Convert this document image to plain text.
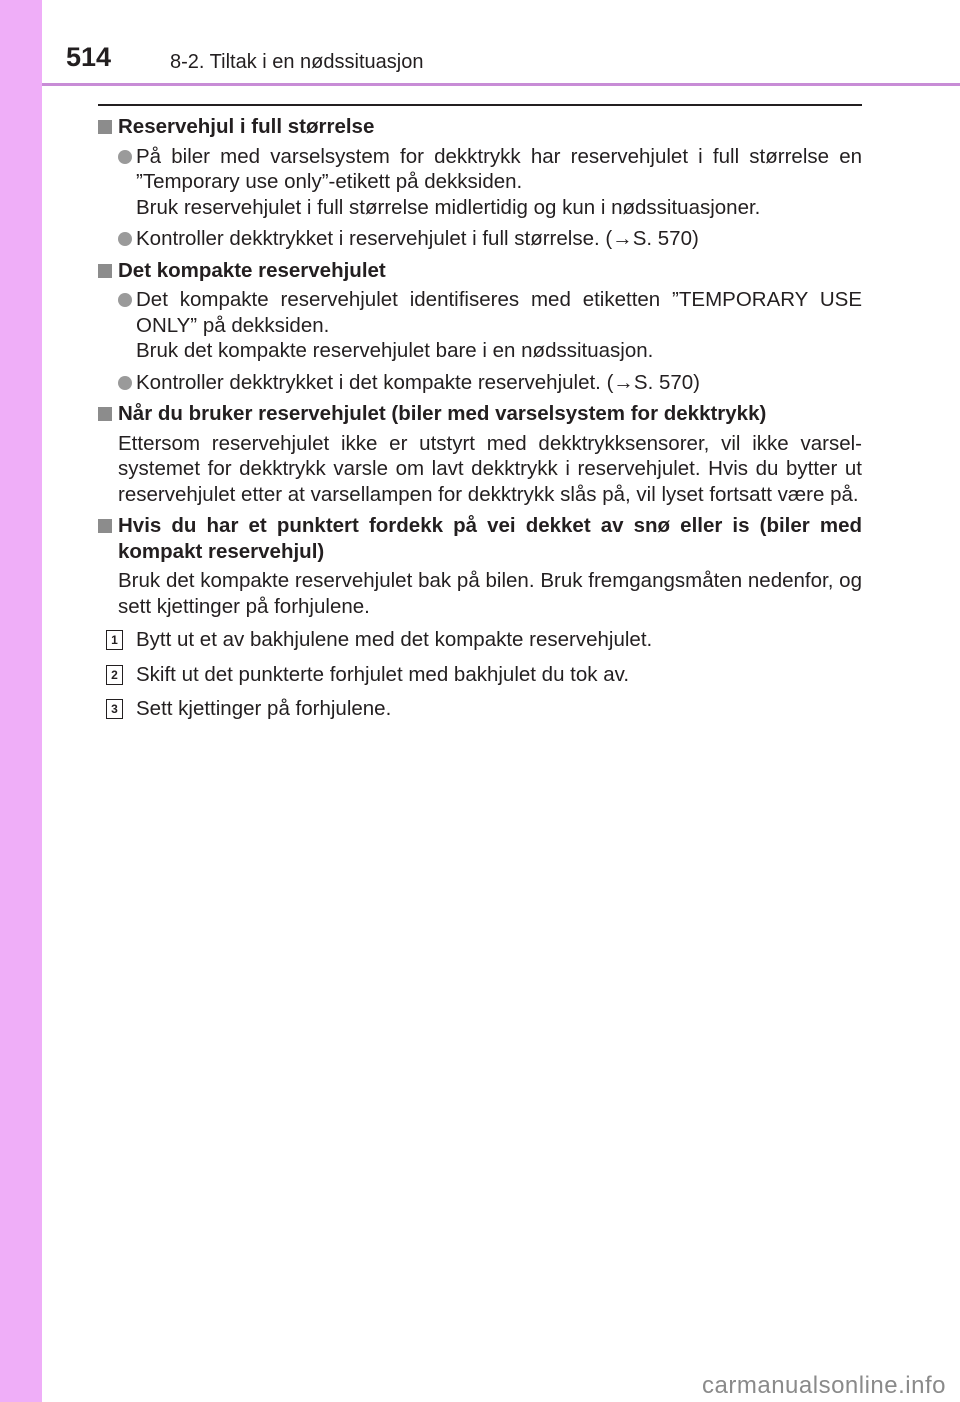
514	8-2. Tiltak i en nødssituasjon
Reservehjul i full størrelse
På biler med varselsystem for dekktrykk har reservehjulet i full størrelse en ”Temporary use only”-etikett på dekksiden.
Bruk reservehjulet i full størrelse midlertidig og kun i nødssituasjoner.
Kontroller dekktrykket i reservehjulet i full størrelse. (→S. 570)
Det kompakte reservehjulet
Det kompakte reservehjulet identifiseres med etiketten ”TEMPORARY USE ONLY” på dekksiden.
Bruk det kompakte reservehjulet bare i en nødssituasjon.
Kontroller dekktrykket i det kompakte reservehjulet. (→S. 570)
Når du bruker reservehjulet (biler med varselsystem for dekktrykk)
Ettersom reservehjulet ikke er utstyrt med dekktrykksensorer, vil ikke varselsystemet for dekktrykk varsle om lavt dekktrykk i reservehjulet. Hvis du bytter ut reservehjulet etter at varsellampen for dekktrykk slås på, vil lyset fortsatt være på.
Hvis du har et punktert fordekk på vei dekket av snø eller is (biler med kompakt reservehjul)
Bruk det kompakte reservehjulet bak på bilen. Bruk fremgangsmåten nedenfor, og sett kjettinger på forhjulene.
1 Bytt ut et av bakhjulene med det kompakte reservehjulet.
2 Skift ut det punkterte forhjulet med bakhjulet du tok av.
3 Sett kjettinger på forhjulene.
carmanualsonline.info
